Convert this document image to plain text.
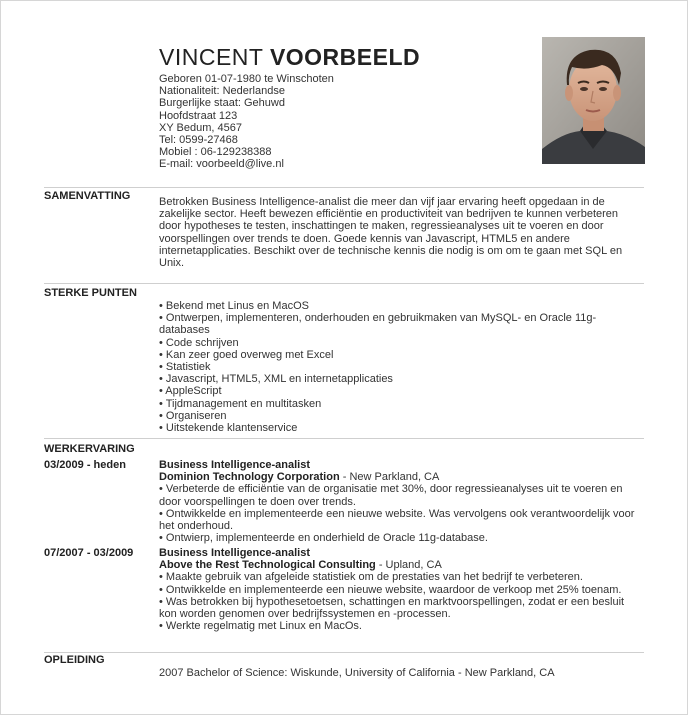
VINCENT VOORBEELD
Geboren 01-07-1980 te Winschoten
Nationaliteit: Nederlandse
Burgerlijke staat: Gehuwd
Hoofdstraat 123
XY Bedum, 4567
Tel: 0599-27468
Mobiel : 06-129238388
E-mail: voorbeeld@live.nl
SAMENVATTING	Betrokken Business Intelligence-analist die meer dan vijf jaar ervaring heeft opgedaan in de zakelijke sector. Heeft bewezen efficiëntie en productiviteit van bedrijven te kunnen verbeteren door hypotheses te testen, inschattingen te maken, regressieanalyses uit te voeren en door voorspellingen over trends te doen. Goede kennis van Javascript, HTML5 en andere internetapplicaties. Beschikt over de technische kennis die nodig is om om te gaan met SQL en Unix.
STERKE PUNTEN
• Bekend met Linus en MacOS
• Ontwerpen, implementeren, onderhouden en gebruikmaken van MySQL- en Oracle 11g-
databases
• Code schrijven
• Kan zeer goed overweg met Excel
• Statistiek
• Javascript, HTML5, XML en internetapplicaties
• AppleScript
• Tijdmanagement en multitasken
• Organiseren
• Uitstekende klantenservice
WERKERVARING
03/2009 - heden	Business Intelligence-analist
Dominion Technology Corporation - New Parkland, CA
• Verbeterde de efficiëntie van de organisatie met 30%, door regressieanalyses uit te voeren en door voorspellingen te doen over trends.
• Ontwikkelde en implementeerde een nieuwe website. Was vervolgens ook verantwoordelijk voor het onderhoud.
• Ontwierp, implementeerde en onderhield de Oracle 11g-database.
07/2007 - 03/2009 Business Intelligence-analist
Above the Rest Technological Consulting - Upland, CA
• Maakte gebruik van afgeleide statistiek om de prestaties van het bedrijf te verbeteren.
• Ontwikkelde en implementeerde een nieuwe website, waardoor de verkoop met 25% toenam.
• Was betrokken bij hypothesetoetsen, schattingen en marktvoorspellingen, zodat er een besluit kon worden genomen over bedrijfssystemen en -processen.
• Werkte regelmatig met Linux en MacOs.
OPLEIDING
2007 Bachelor of Science: Wiskunde, University of California - New Parkland, CA
